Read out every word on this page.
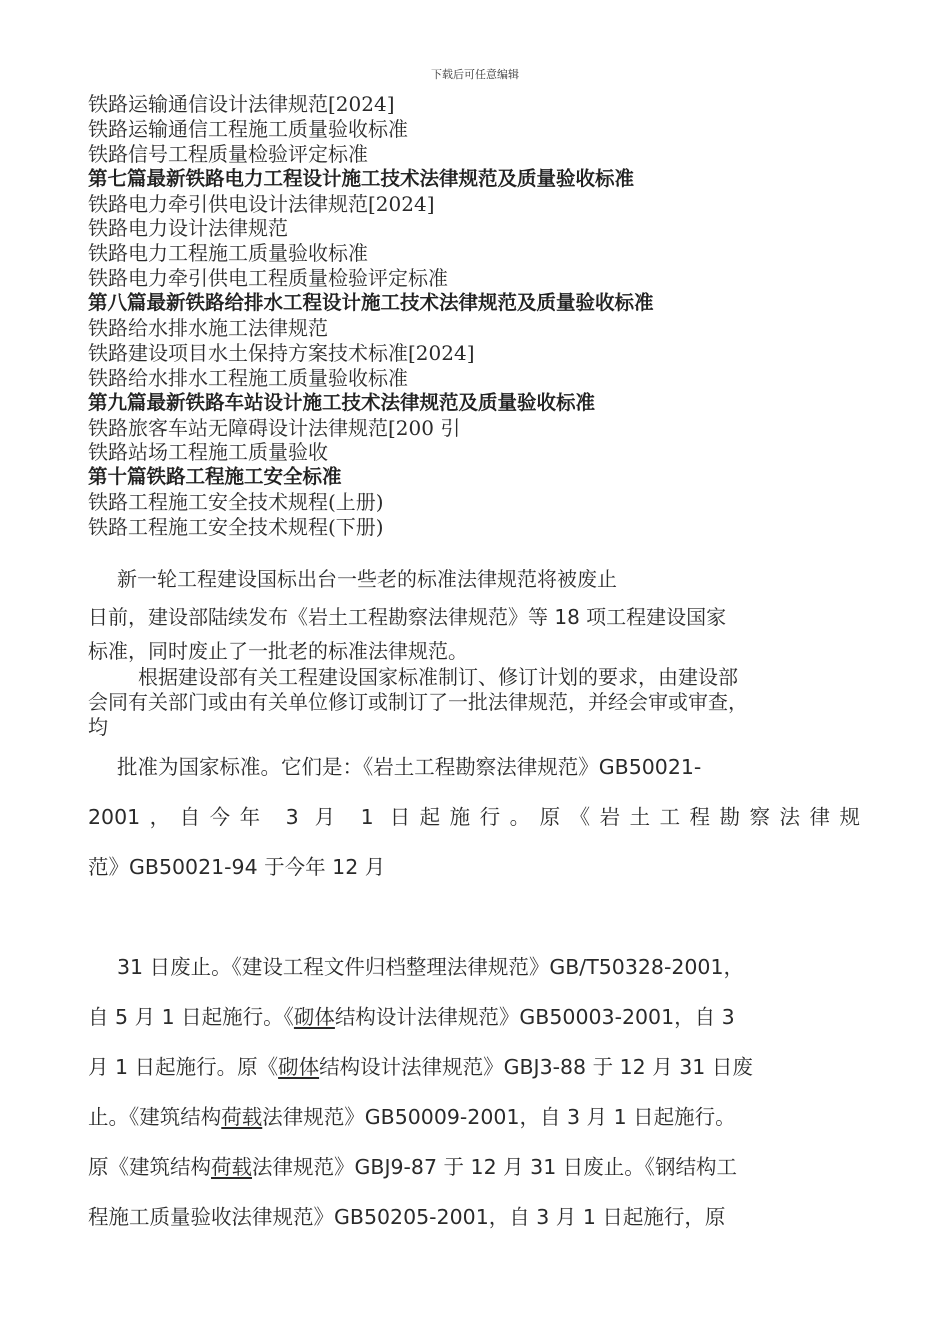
下载后可任意编辑
铁路运输通信设计法律规范[2024]
铁路运输通信工程施工质量验收标准
铁路信号工程质量检验评定标准
第七篇最新铁路电力工程设计施工技术法律规范及质量验收标准
铁路电力牵引供电设计法律规范[2024]
铁路电力设计法律规范
铁路电力工程施工质量验收标准
铁路电力牵引供电工程质量检验评定标准
第八篇最新铁路给排水工程设计施工技术法律规范及质量验收标准
铁路给水排水施工法律规范
铁路建设项目水土保持方案技术标准[2024]
铁路给水排水工程施工质量验收标准
第九篇最新铁路车站设计施工技术法律规范及质量验收标准
铁路旅客车站无障碍设计法律规范[200 引
铁路站场工程施工质量验收
第十篇铁路工程施工安全标准
铁路工程施工安全技术规程(上册)
铁路工程施工安全技术规程(下册)
新一轮工程建设国标出台一些老的标准法律规范将被废止
日前，建设部陆续发布《岩土工程勘察法律规范》等 18 项工程建设国家
标准，同时废止了一批老的标准法律规范。
根据建设部有关工程建设国家标准制订、修订计划的要求，由建设部
会同有关部门或由有关单位修订或制订了一批法律规范，并经会审或审查，
均
批准为国家标准。它们是：《岩土工程勘察法律规范》GB50021-
2001，自今年 3 月 1 日起施行。原《岩土工程勘察法律规
范》GB50021-94 于今年 12 月
31 日废止。《建设工程文件归档整理法律规范》GB/T50328-2001，
自 5 月 1 日起施行。《砌体结构设计法律规范》GB50003-2001，自 3
月 1 日起施行。原《砌体结构设计法律规范》GBJ3-88 于 12 月 31 日废
止。《建筑结构荷载法律规范》GB50009-2001，自 3 月 1 日起施行。
原《建筑结构荷载法律规范》GBJ9-87 于 12 月 31 日废止。《钢结构工
程施工质量验收法律规范》GB50205-2001，自 3 月 1 日起施行，原
